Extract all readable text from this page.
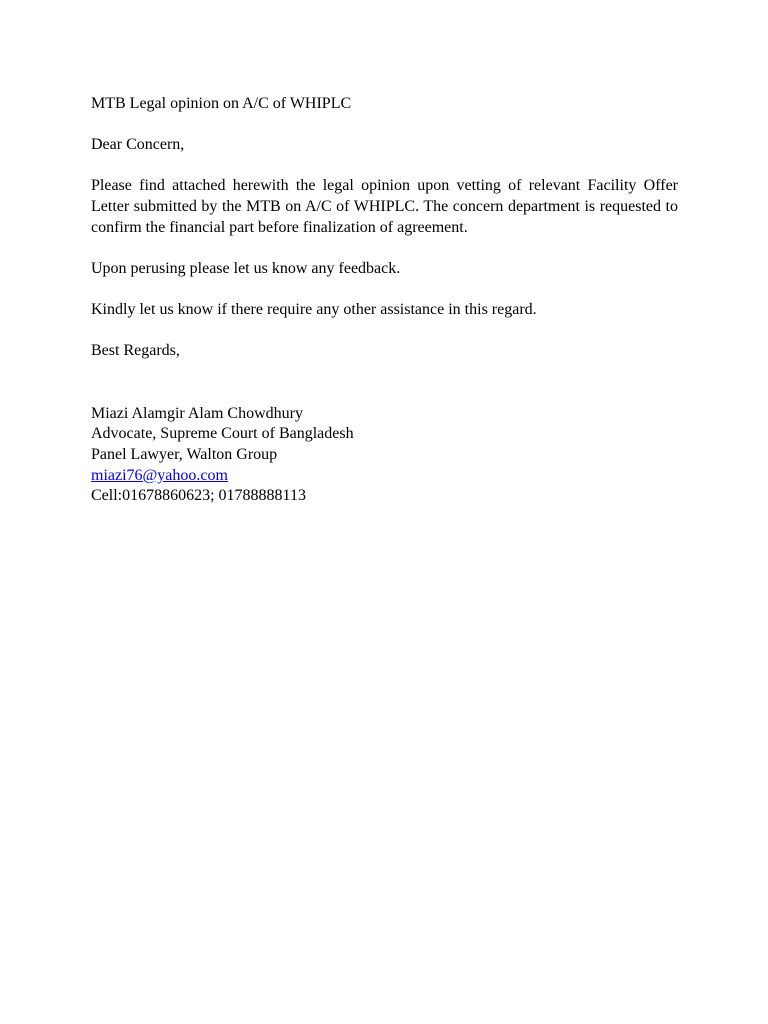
MTB Legal opinion on A/C of WHIPLC

Dear Concern,

Please find attached herewith the legal opinion upon vetting of relevant Facility Offer Letter submitted by the MTB on A/C of WHIPLC. The concern department is requested to confirm the financial part before finalization of agreement.

Upon perusing please let us know any feedback.

Kindly let us know if there require any other assistance in this regard.

Best Regards,

Miazi Alamgir Alam Chowdhury
Advocate, Supreme Court of Bangladesh
Panel Lawyer, Walton Group
miazi76@yahoo.com
Cell:01678860623; 01788888113
